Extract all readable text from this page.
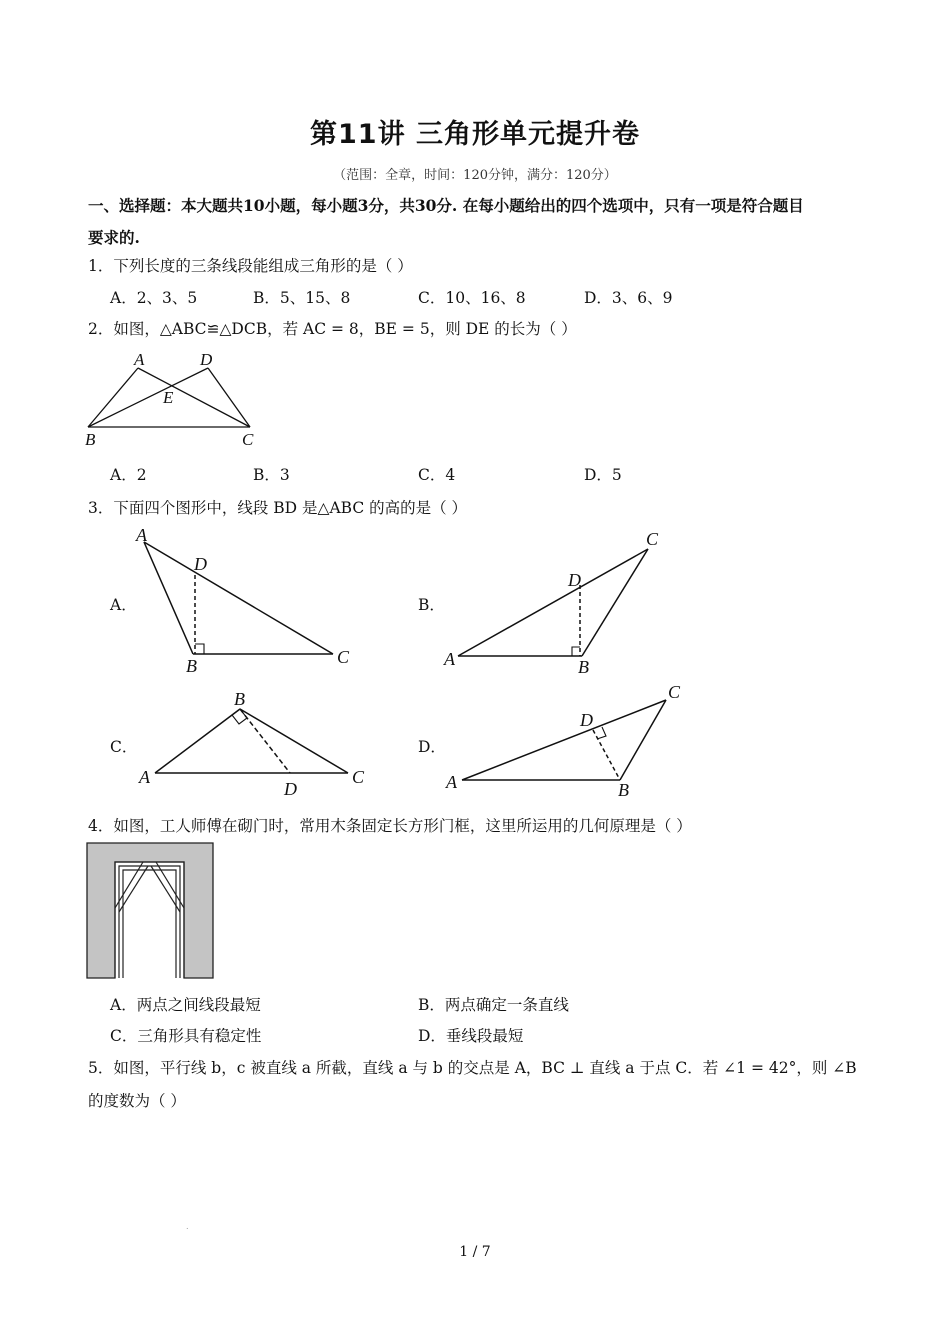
第11讲 三角形单元提升卷
（范围：全章，时间：120分钟，满分：120分）
一、选择题：本大题共10小题，每小题3分，共30分. 在每小题给出的四个选项中，只有一项是符合题目
要求的.
1．下列长度的三条线段能组成三角形的是（ ）
A．2、3、5	B．5、15、8	C．10、16、8	D．3、6、9
2．如图，△ABC≌△DCB，若 AC = 8，BE = 5，则 DE 的长为（ ）
A	D
E
B	C
A．2	B．3	C．4	D．5
3．下面四个图形中，线段 BD 是△ABC 的高的是（ ）
A．
A
D
B	C
B．
A
D
B
C
C．
A
B
D
C
D．
A
D
B
C
4．如图，工人师傅在砌门时，常用木条固定长方形门框，这里所运用的几何原理是（ ）
A．两点之间线段最短	B．两点确定一条直线
C．三角形具有稳定性	D．垂线段最短
5．如图，平行线 b，c 被直线 a 所截，直线 a 与 b 的交点是 A，BC ⊥ 直线 a 于点 C．若 ∠1 = 42°，则 ∠B
的度数为（ ）
.
1 / 7
